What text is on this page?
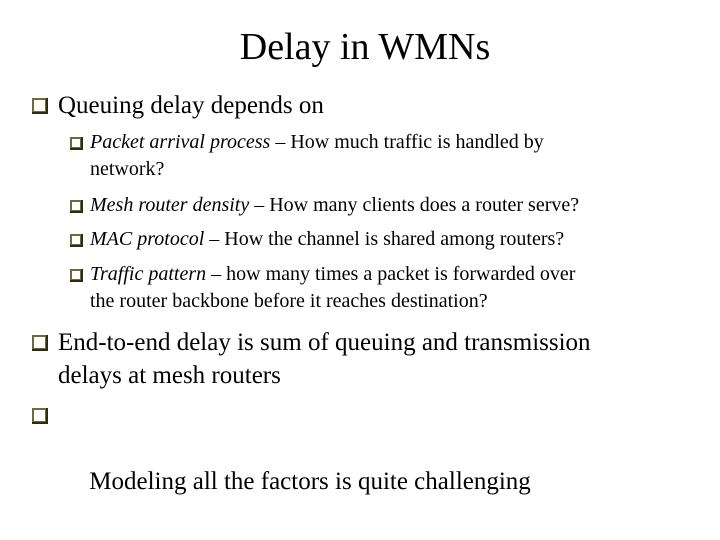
Delay in WMNs
Queuing delay depends on
Packet arrival process – How much traffic is handled by
network?
Mesh router density – How many clients does a router serve?
MAC protocol – How the channel is shared among routers?
Traffic pattern – how many times a packet is forwarded over
the router backbone before it reaches destination?
End-to-end delay is sum of queuing and transmission
delays at mesh routers

Modeling all the factors is quite challenging
